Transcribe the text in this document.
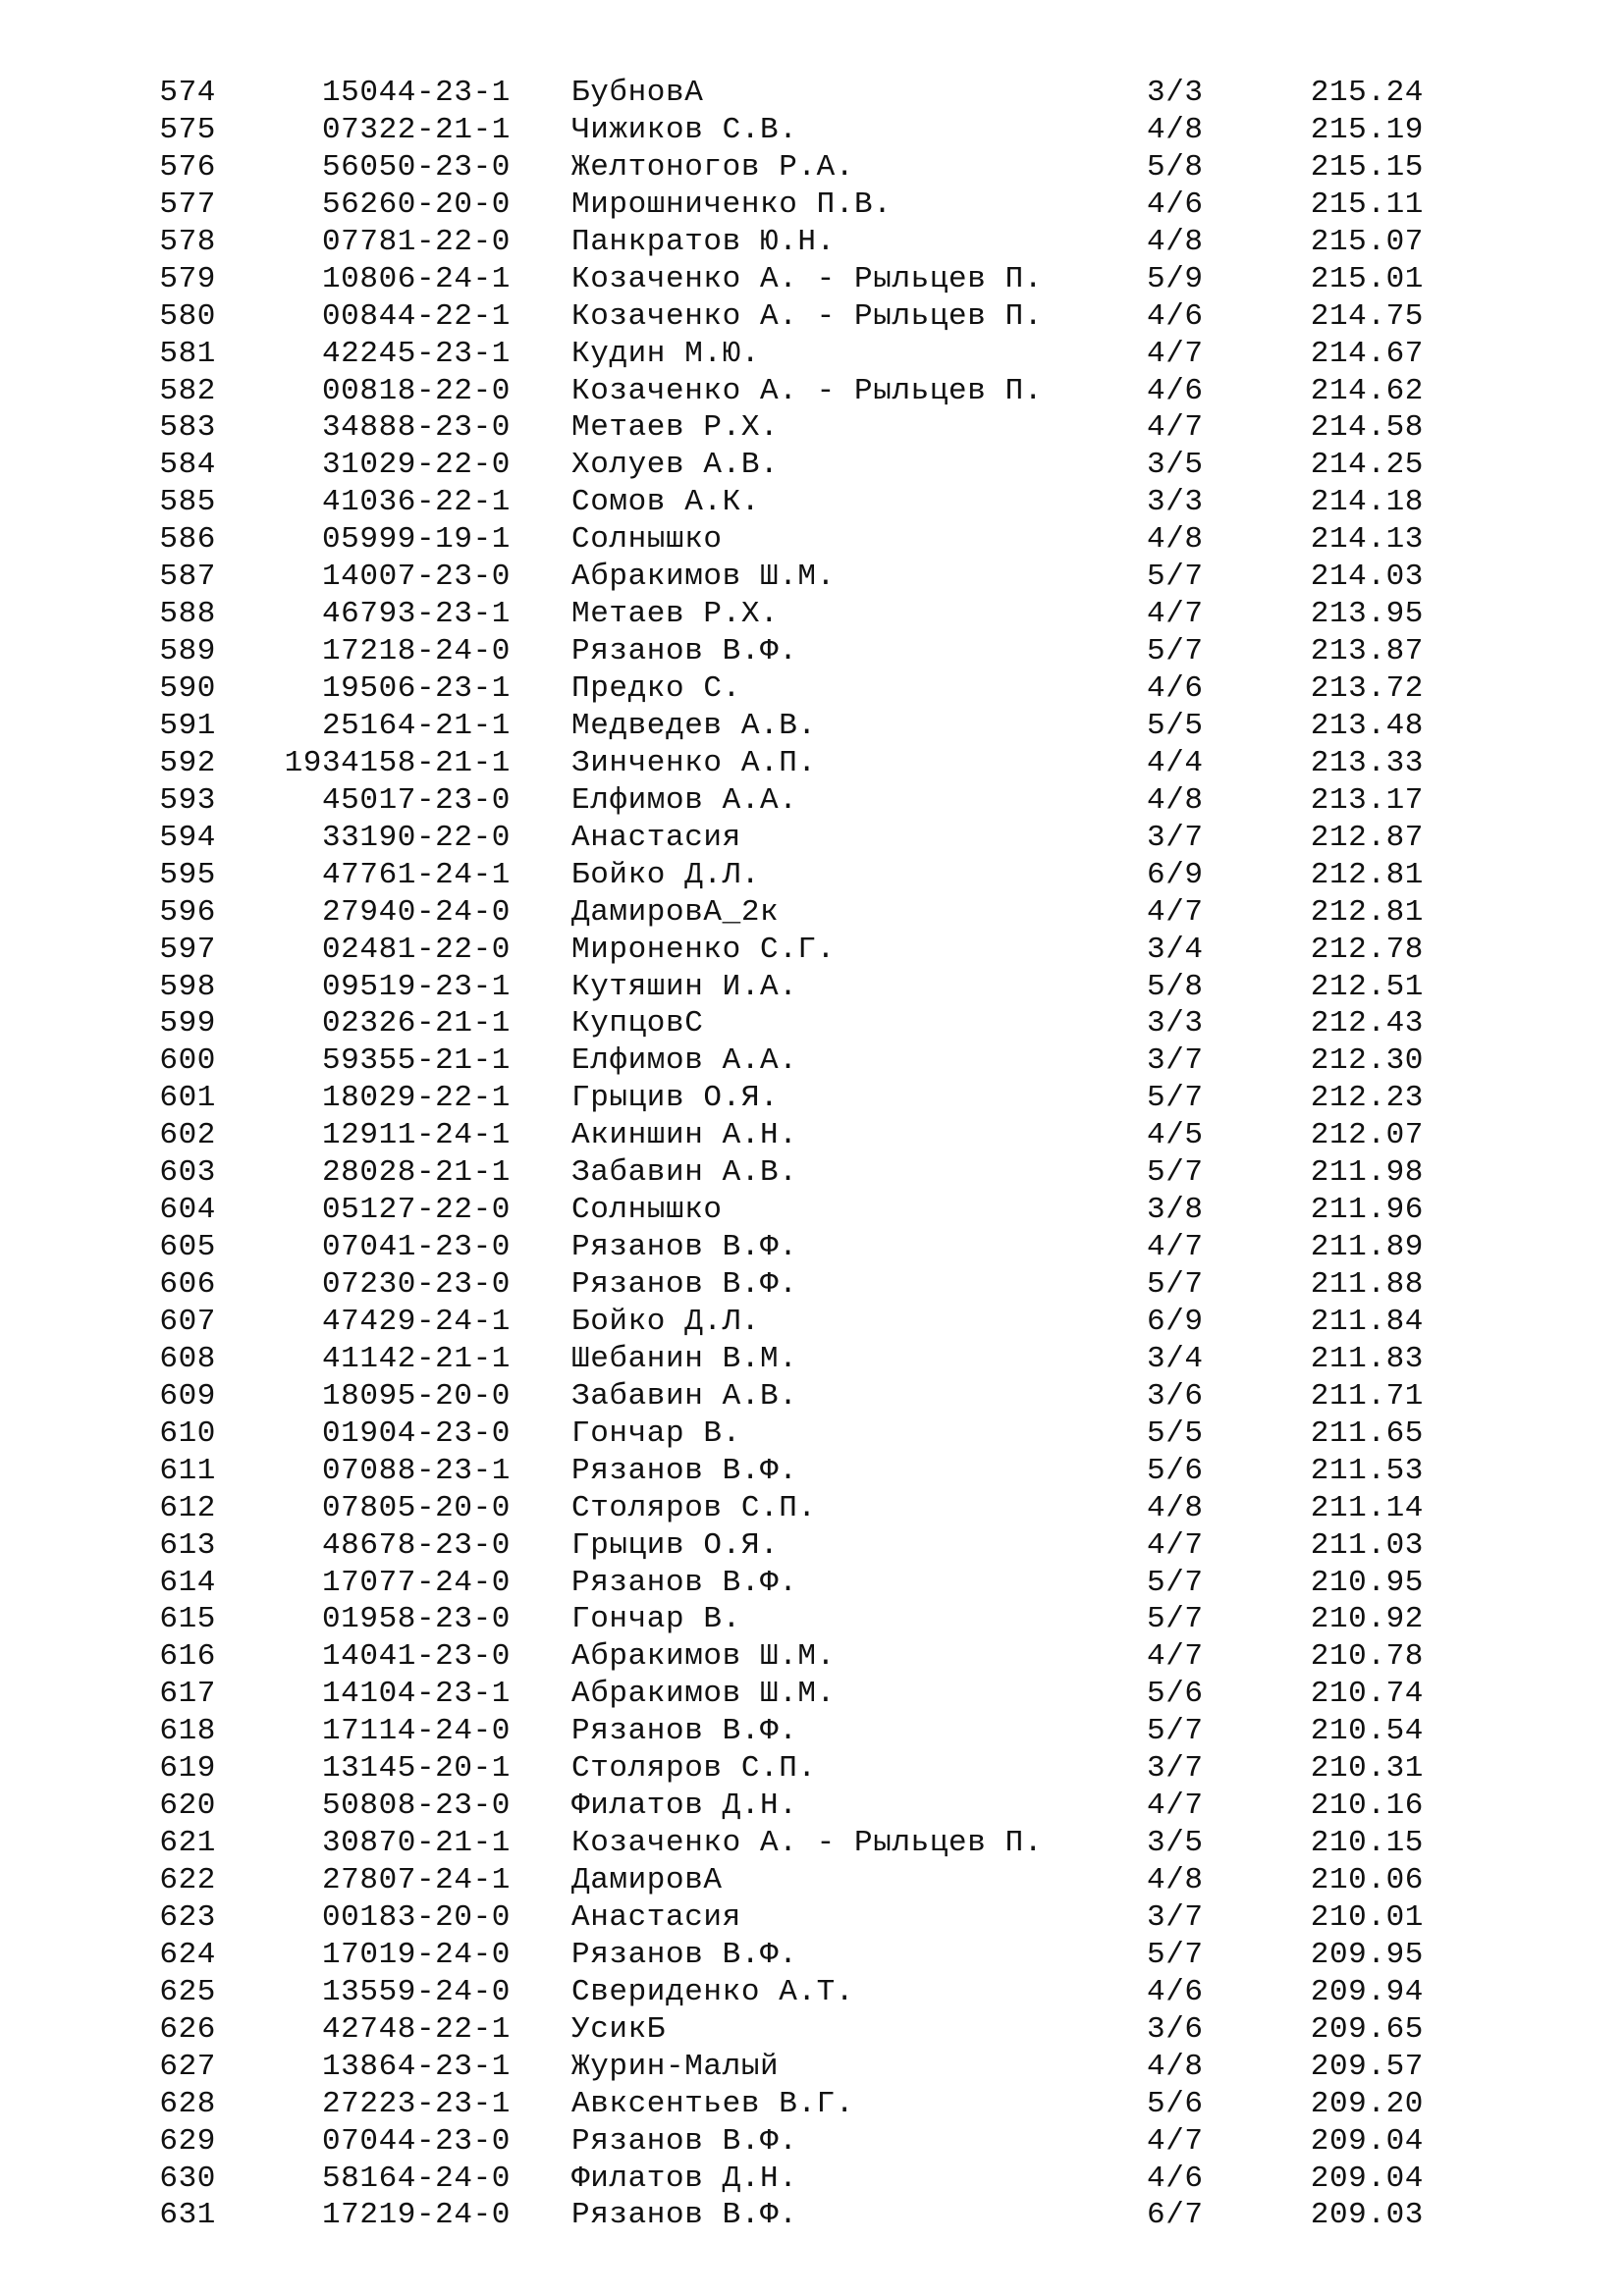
574	15044-23-1 БубновА	3/3	215.24
575	07322-21-1 Чижиков С.В.	4/8	215.19
576	56050-23-0 Желтоногов Р.А.	5/8	215.15
577	56260-20-0 Мирошниченко П.В.	4/6	215.11
578	07781-22-0 Панкратов Ю.Н.	4/8	215.07
579	10806-24-1 Козаченко А. - Рыльцев П.	5/9	215.01
580	00844-22-1 Козаченко А. - Рыльцев П.	4/6	214.75
581	42245-23-1 Кудин М.Ю.	4/7	214.67
582	00818-22-0 Козаченко А. - Рыльцев П.	4/6	214.62
583	34888-23-0 Метаев Р.Х.	4/7	214.58
584	31029-22-0 Холуев А.В.	3/5	214.25
585	41036-22-1 Сомов А.К.	3/3	214.18
586	05999-19-1 Солнышко	4/8	214.13
587	14007-23-0 Абракимов Ш.М.	5/7	214.03
588	46793-23-1 Метаев Р.Х.	4/7	213.95
589	17218-24-0 Рязанов В.Ф.	5/7	213.87
590	19506-23-1 Предко С.	4/6	213.72
591	25164-21-1 Медведев А.В.	5/5	213.48
592	1934158-21-1 Зинченко А.П.	4/4	213.33
593	45017-23-0 Елфимов А.А.	4/8	213.17
594	33190-22-0 Анастасия	3/7	212.87
595	47761-24-1 Бойко Д.Л.	6/9	212.81
596	27940-24-0 ДамировА_2к	4/7	212.81
597	02481-22-0 Мироненко С.Г.	3/4	212.78
598	09519-23-1 Кутяшин И.А.	5/8	212.51
599	02326-21-1 КупцовС	3/3	212.43
600	59355-21-1 Елфимов А.А.	3/7	212.30
601	18029-22-1 Грыцив О.Я.	5/7	212.23
602	12911-24-1 Акиншин А.Н.	4/5	212.07
603	28028-21-1 Забавин А.В.	5/7	211.98
604	05127-22-0 Солнышко	3/8	211.96
605	07041-23-0 Рязанов В.Ф.	4/7	211.89
606	07230-23-0 Рязанов В.Ф.	5/7	211.88
607	47429-24-1 Бойко Д.Л.	6/9	211.84
608	41142-21-1 Шебанин В.М.	3/4	211.83
609	18095-20-0 Забавин А.В.	3/6	211.71
610	01904-23-0 Гончар В.	5/5	211.65
611	07088-23-1 Рязанов В.Ф.	5/6	211.53
612	07805-20-0 Столяров С.П.	4/8	211.14
613	48678-23-0 Грыцив О.Я.	4/7	211.03
614	17077-24-0 Рязанов В.Ф.	5/7	210.95
615	01958-23-0 Гончар В.	5/7	210.92
616	14041-23-0 Абракимов Ш.М.	4/7	210.78
617	14104-23-1 Абракимов Ш.М.	5/6	210.74
618	17114-24-0 Рязанов В.Ф.	5/7	210.54
619	13145-20-1 Столяров С.П.	3/7	210.31
620	50808-23-0 Филатов Д.Н.	4/7	210.16
621	30870-21-1 Козаченко А. - Рыльцев П.	3/5	210.15
622	27807-24-1 ДамировА	4/8	210.06
623	00183-20-0 Анастасия	3/7	210.01
624	17019-24-0 Рязанов В.Ф.	5/7	209.95
625	13559-24-0 Свериденко А.Т.	4/6	209.94
626	42748-22-1 УсикБ	3/6	209.65
627	13864-23-1 Журин-Малый	4/8	209.57
628	27223-23-1 Авксентьев В.Г.	5/6	209.20
629	07044-23-0 Рязанов В.Ф.	4/7	209.04
630	58164-24-0 Филатов Д.Н.	4/6	209.04
631	17219-24-0 Рязанов В.Ф.	6/7	209.03
